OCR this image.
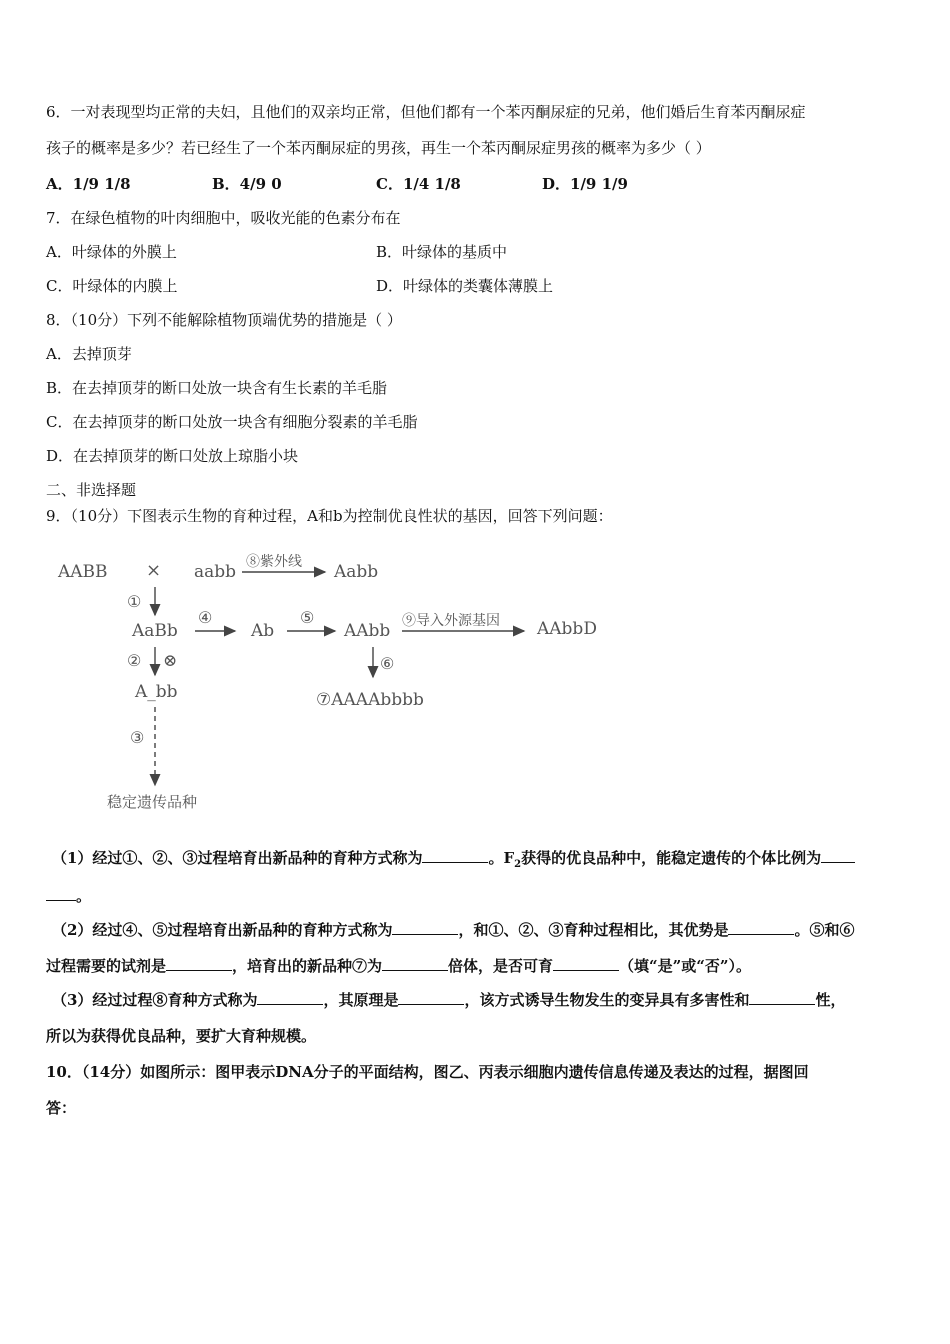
6．一对表现型均正常的夫妇，且他们的双亲均正常，但他们都有一个苯丙酮尿症的兄弟，他们婚后生育苯丙酮尿症
孩子的概率是多少？若已经生了一个苯丙酮尿症的男孩，再生一个苯丙酮尿症男孩的概率为多少（ ）
A．1/9 1/8	B．4/9 0	C．1/4 1/8	D．1/9 1/9
7．在绿色植物的叶肉细胞中，吸收光能的色素分布在
A．叶绿体的外膜上	B．叶绿体的基质中
C．叶绿体的内膜上	D．叶绿体的类囊体薄膜上
8．（10分）下列不能解除植物顶端优势的措施是（ ）
A．去掉顶芽
B．在去掉顶芽的断口处放一块含有生长素的羊毛脂
C．在去掉顶芽的断口处放一块含有细胞分裂素的羊毛脂
D．在去掉顶芽的断口处放上琼脂小块
二、非选择题
9．（10分）下图表示生物的育种过程，A和b为控制优良性状的基因，回答下列问题：
AABB × aabb ⑧紫外线 Aabb
①
AaBb
④
Ab
⑤
AAbb ⑨导入外源基因 AAbbD
② ⊗	⑥
A_bb	⑦AAAAbbbb
③
稳定遗传品种
（1）经过①、②、③过程培育出新品种的育种方式称为	。$F_2$获得的优良品种中，能稳定遗传的个体比例为
。
（2）经过④、⑤过程培育出新品种的育种方式称为	，和①、②、③育种过程相比，其优势是	。⑤和⑥
过程需要的试剂是	，培育出的新品种⑦为	倍体，是否可育	（填“是”或“否”）。
（3）经过过程⑧育种方式称为	，其原理是	，该方式诱导生物发生的变异具有多害性和	性，
所以为获得优良品种，要扩大育种规模。
10．（14分）如图所示：图甲表示DNA分子的平面结构，图乙、丙表示细胞内遗传信息传递及表达的过程，据图回
答：
